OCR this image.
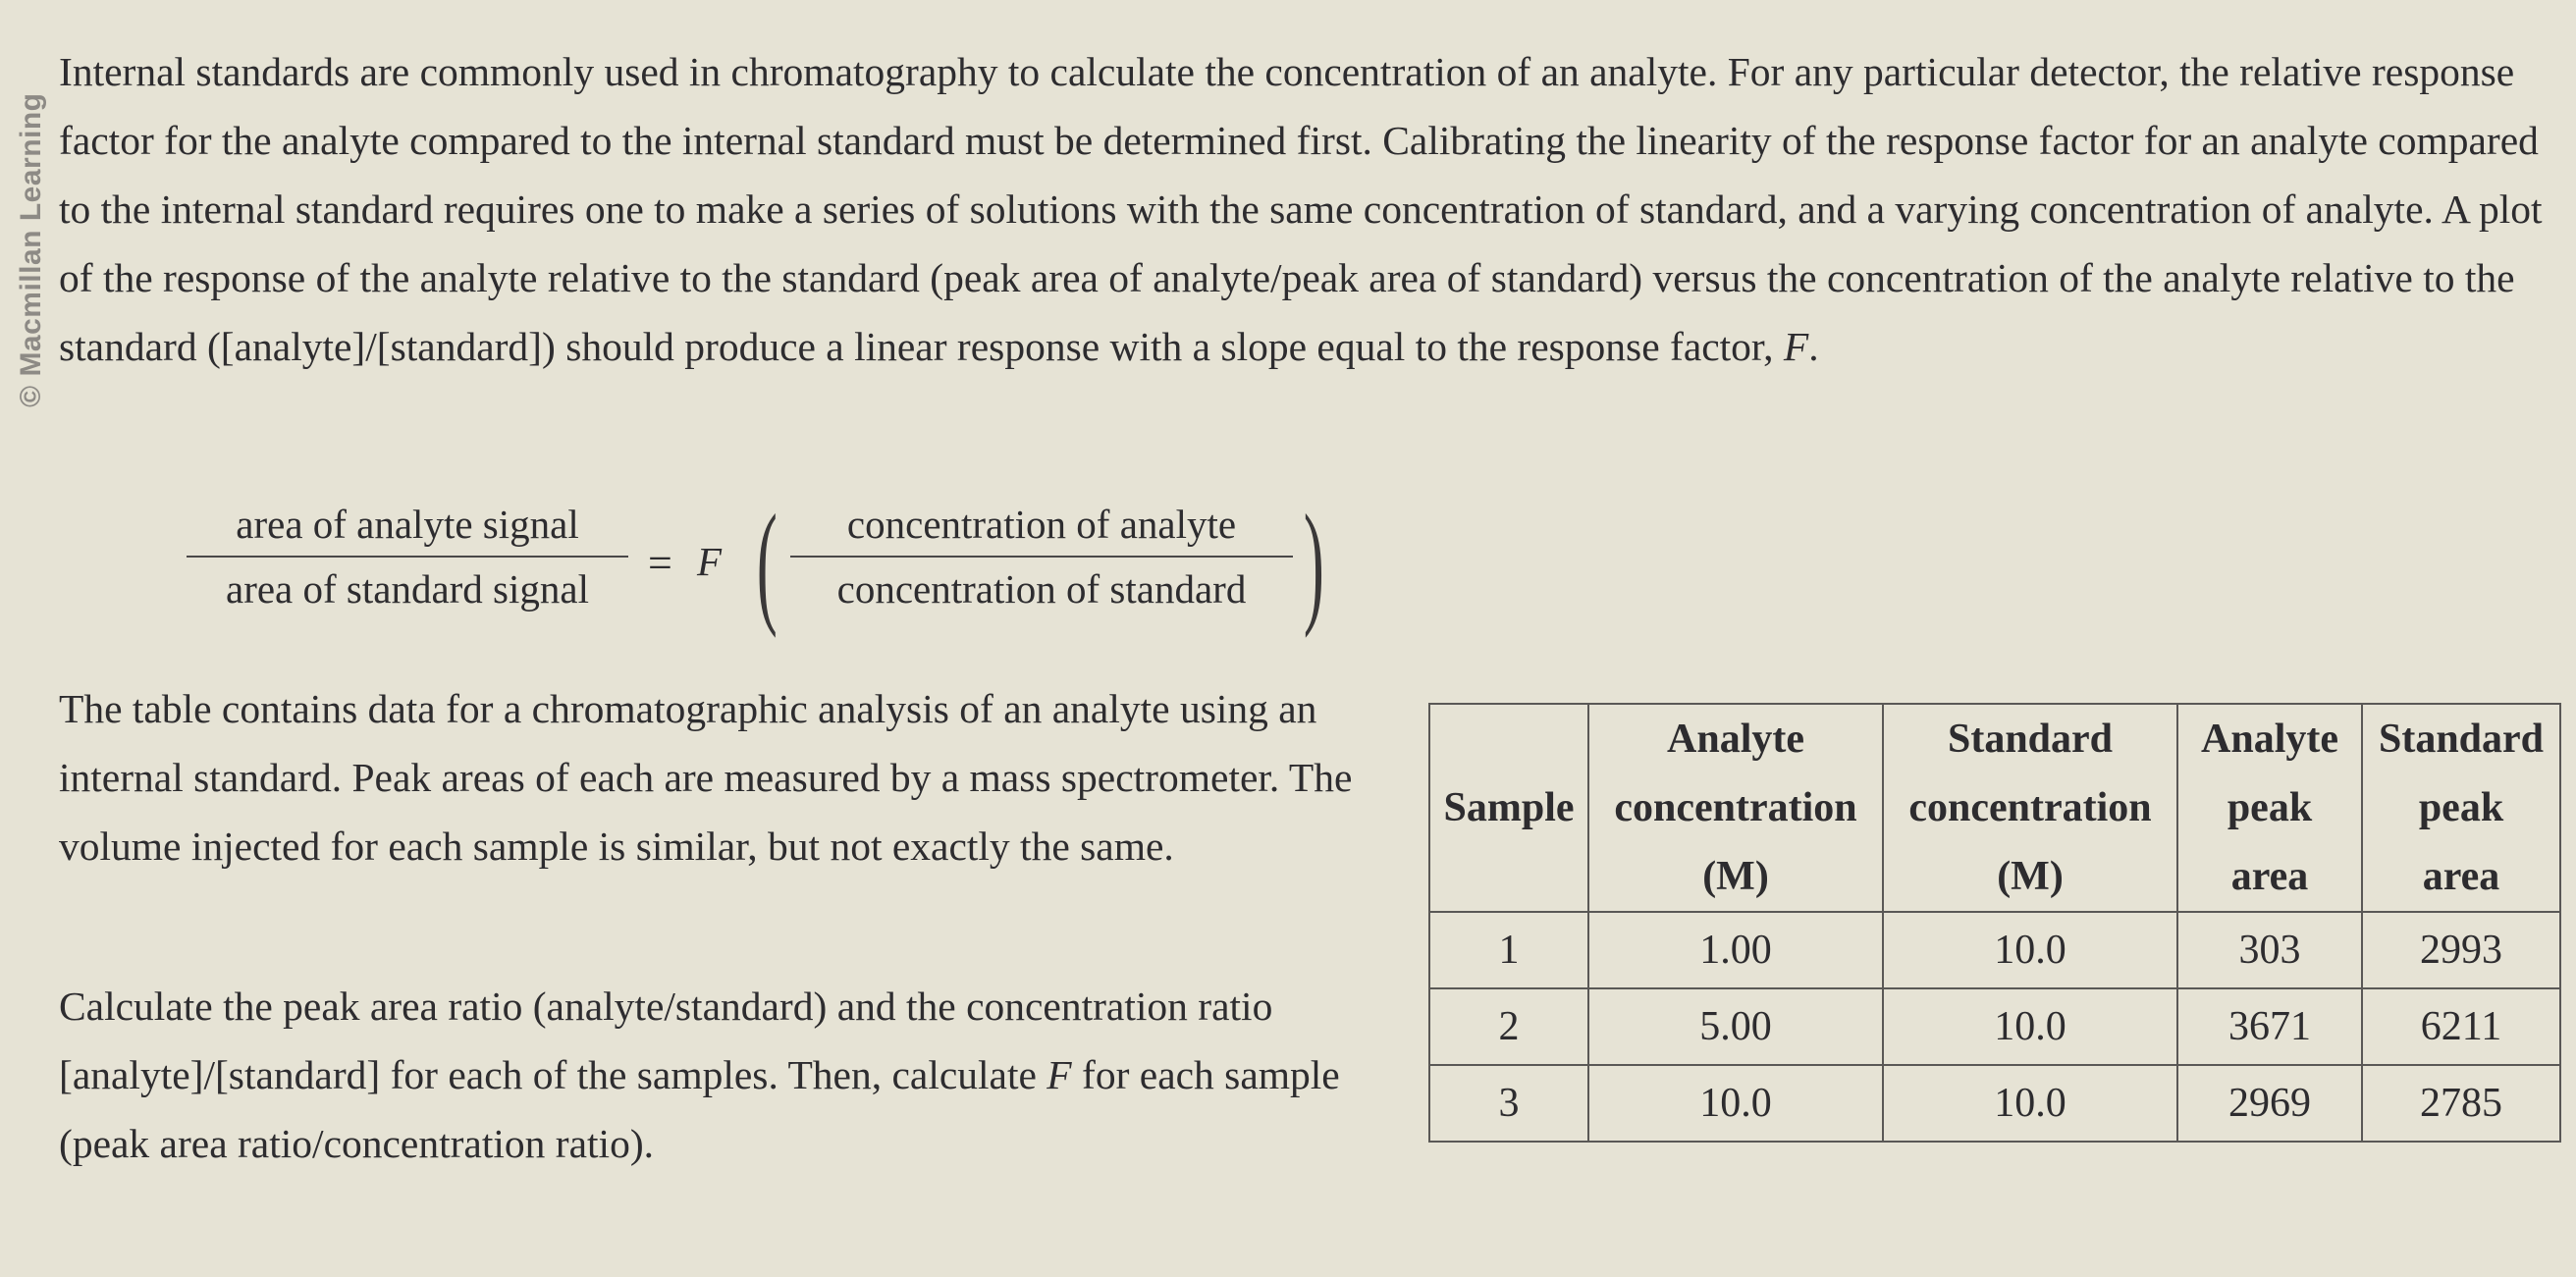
© Macmillan Learning

Internal standards are commonly used in chromatography to calculate the concentration of an analyte. For any particular detector, the relative response factor for the analyte compared to the internal standard must be determined first. Calibrating the linearity of the response factor for an analyte compared to the internal standard requires one to make a series of solutions with the same concentration of standard, and a varying concentration of analyte. A plot of the response of the analyte relative to the standard (peak area of analyte/peak area of standard) versus the concentration of the analyte relative to the standard ([analyte]/[standard]) should produce a linear response with a slope equal to the response factor, F.

area of analyte signal
area of standard signal
= F (	concentration of analyte
concentration of standard )

The table contains data for a chromatographic analysis of an analyte using an internal standard. Peak areas of each are measured by a mass spectrometer. The volume injected for each sample is similar, but not exactly the same.

Calculate the peak area ratio (analyte/standard) and the concentration ratio [analyte]/[standard] for each of the samples. Then, calculate F for each sample (peak area ratio/concentration ratio).

Sample	Analyte
concentration
(M)	Standard
concentration
(M)	Analyte
peak
area	Standard
peak
area
1	1.00	10.0	303	2993
2	5.00	10.0	3671	6211
3	10.0	10.0	2969	2785
